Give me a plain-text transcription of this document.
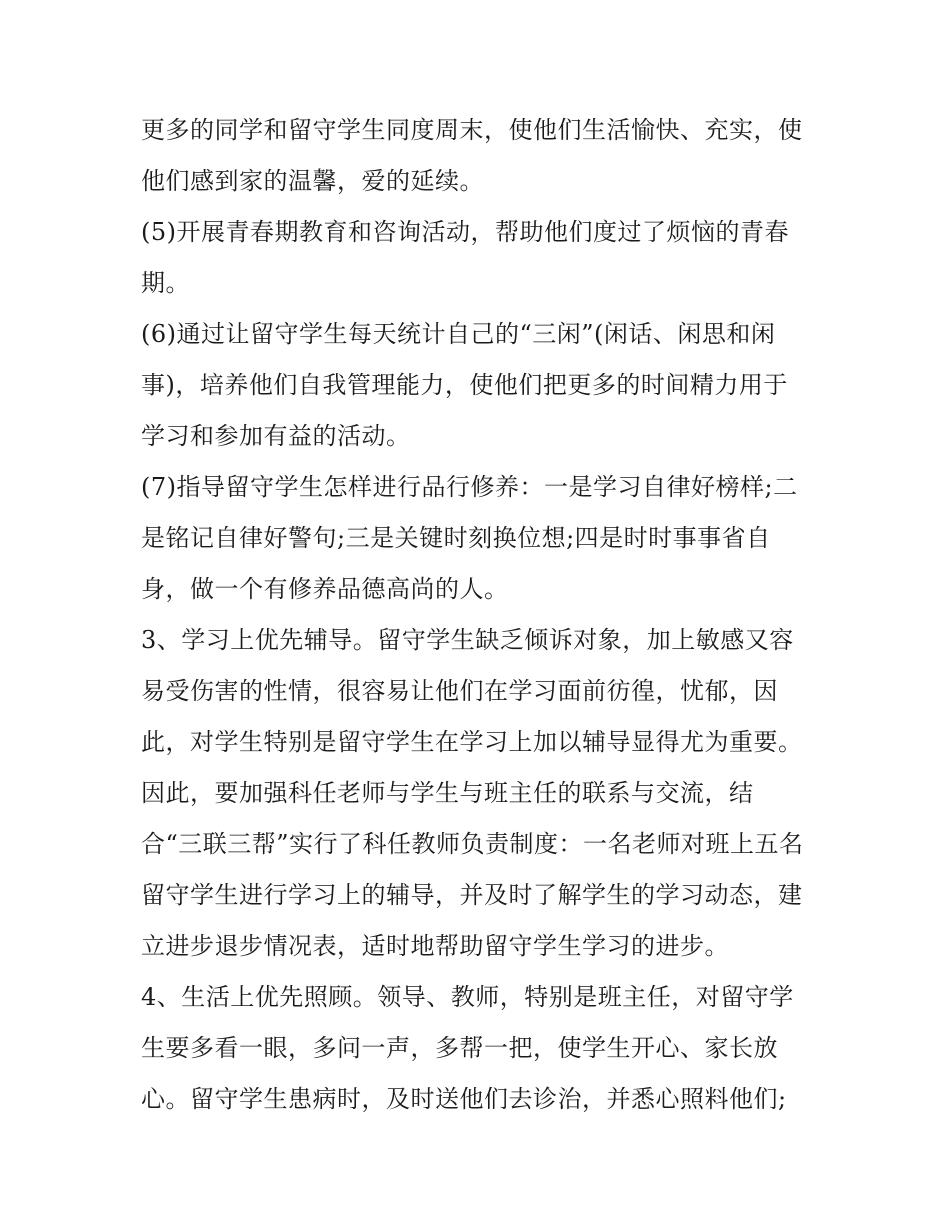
更多的同学和留守学生同度周末，使他们生活愉快、充实，使
他们感到家的温馨，爱的延续。
(5)开展青春期教育和咨询活动，帮助他们度过了烦恼的青春
期。
(6)通过让留守学生每天统计自己的“三闲”(闲话、闲思和闲
事)，培养他们自我管理能力，使他们把更多的时间精力用于
学习和参加有益的活动。
(7)指导留守学生怎样进行品行修养：一是学习自律好榜样;二
是铭记自律好警句;三是关键时刻换位想;四是时时事事省自
身，做一个有修养品德高尚的人。
3、学习上优先辅导。留守学生缺乏倾诉对象，加上敏感又容
易受伤害的性情，很容易让他们在学习面前彷徨，忧郁，因
此，对学生特别是留守学生在学习上加以辅导显得尤为重要。
因此，要加强科任老师与学生与班主任的联系与交流，结
合“三联三帮”实行了科任教师负责制度：一名老师对班上五名
留守学生进行学习上的辅导，并及时了解学生的学习动态，建
立进步退步情况表，适时地帮助留守学生学习的进步。
4、生活上优先照顾。领导、教师，特别是班主任，对留守学
生要多看一眼，多问一声，多帮一把，使学生开心、家长放
心。留守学生患病时，及时送他们去诊治，并悉心照料他们;
